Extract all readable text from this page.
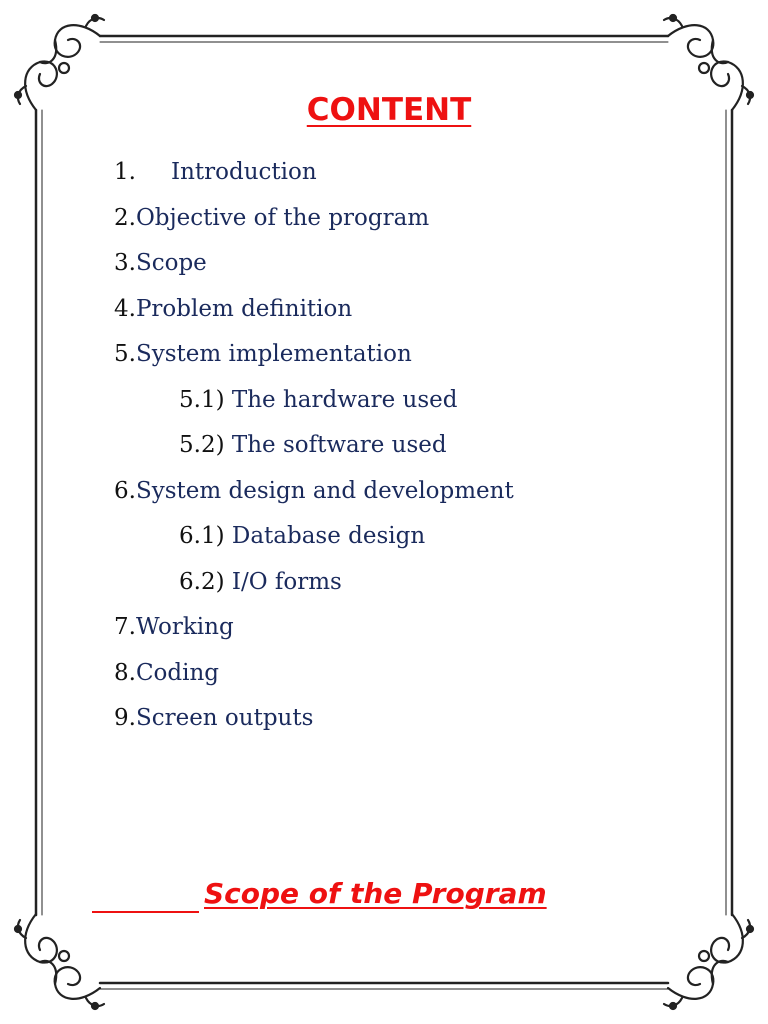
CONTENT
1. Introduction
2.Objective of the program
3.Scope
4.Problem definition
5.System implementation
5.1) The hardware used
5.2) The software used
6.System design and development
6.1) Database design
6.2) I/O forms
7.Working
8.Coding
9.Screen outputs
Scope of the Program
